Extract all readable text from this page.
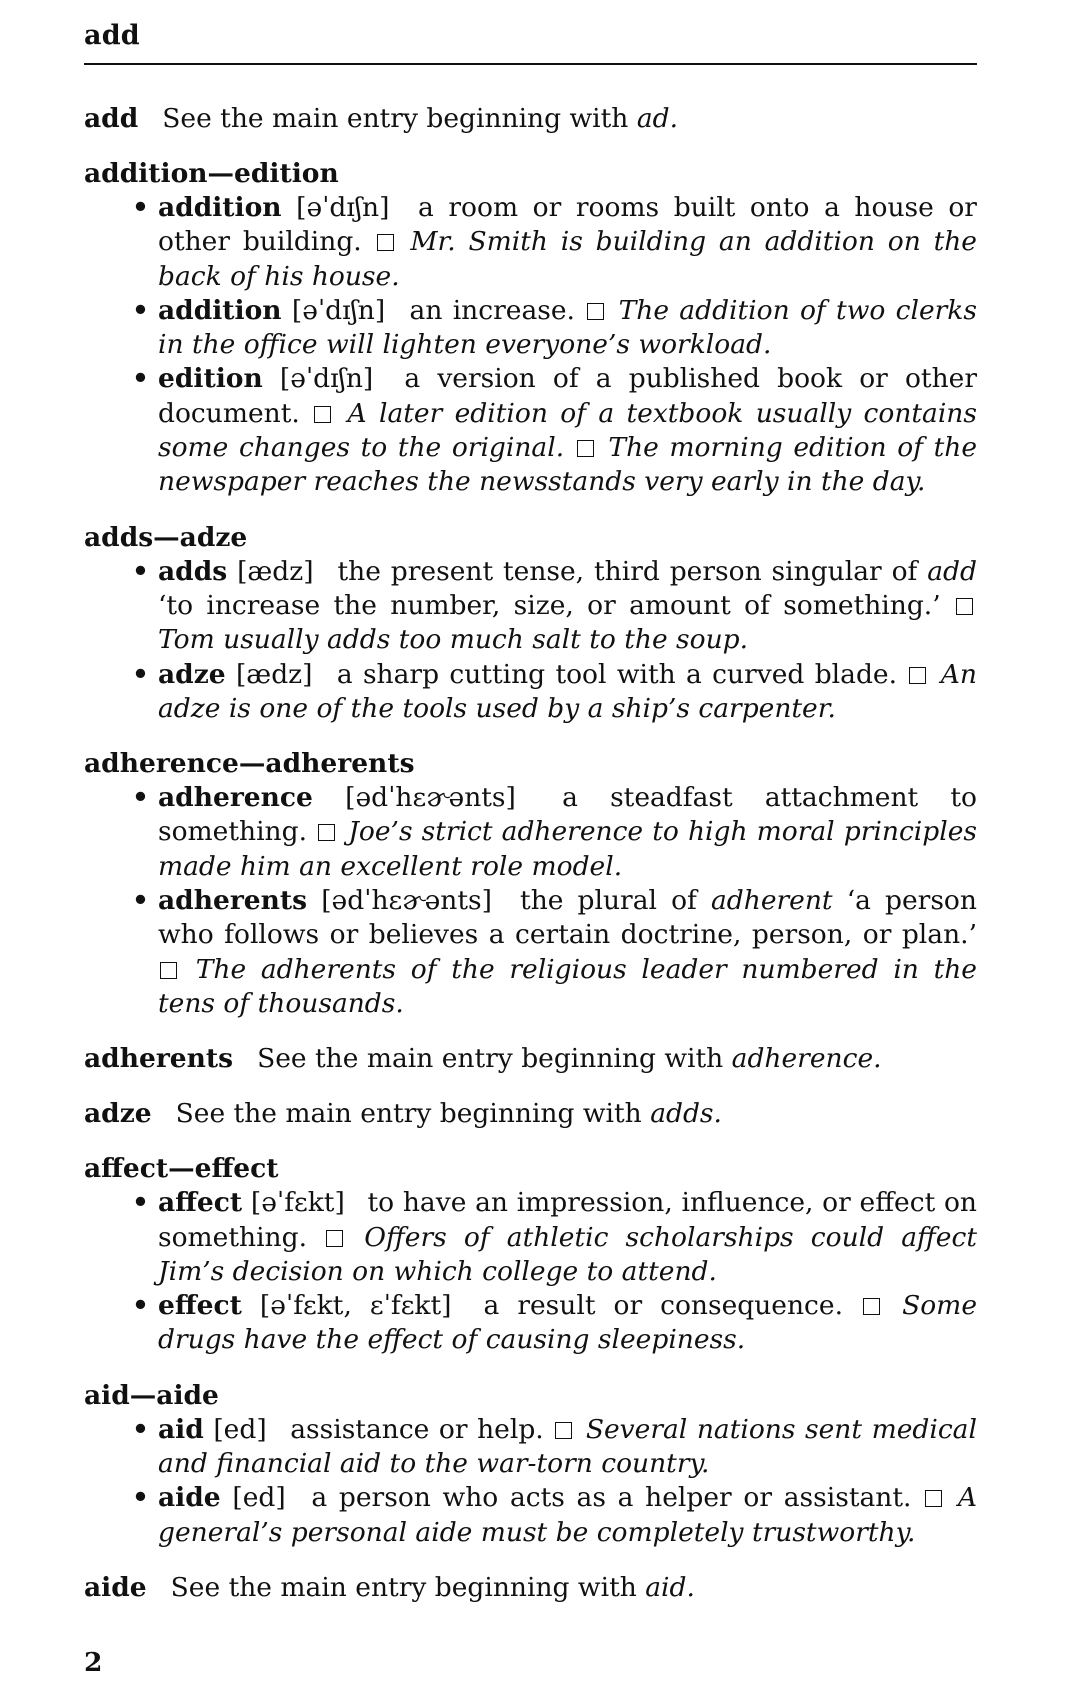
add
add See the main entry beginning with ad.
addition—edition
• addition [əˈdɪʃn] a room or rooms built onto a house or other building. Mr. Smith is building an addition on the back of his house.
• addition [əˈdɪʃn] an increase. The addition of two clerks in the office will lighten everyone’s workload.
• edition [əˈdɪʃn] a version of a published book or other document. A later edition of a textbook usually contains some changes to the original. The morning edition of the newspaper reaches the newsstands very early in the day.
adds—adze
• adds [ædz] the present tense, third person singular of add ‘to increase the number, size, or amount of something.’  Tom usually adds too much salt to the soup.
• adze [ædz] a sharp cutting tool with a curved blade. An adze is one of the tools used by a ship’s carpenter.
adherence—adherents
• adherence [ədˈhɛɚənts] a steadfast attachment to something. Joe’s strict adherence to high moral principles made him an excellent role model.
• adherents [ədˈhɛɚənts] the plural of adherent ‘a person who follows or believes a certain doctrine, person, or plan.’  The adherents of the religious leader numbered in the tens of thousands.
adherents See the main entry beginning with adherence.
adze See the main entry beginning with adds.
affect—effect
• affect [əˈfɛkt] to have an impression, influence, or effect on something. Offers of athletic scholarships could affect Jim’s decision on which college to attend.
• effect [əˈfɛkt, ɛˈfɛkt] a result or consequence. Some drugs have the effect of causing sleepiness.
aid—aide
• aid [ed] assistance or help. Several nations sent medical and financial aid to the war-torn country.
• aide [ed] a person who acts as a helper or assistant. A general’s personal aide must be completely trustworthy.
aide See the main entry beginning with aid.
2
